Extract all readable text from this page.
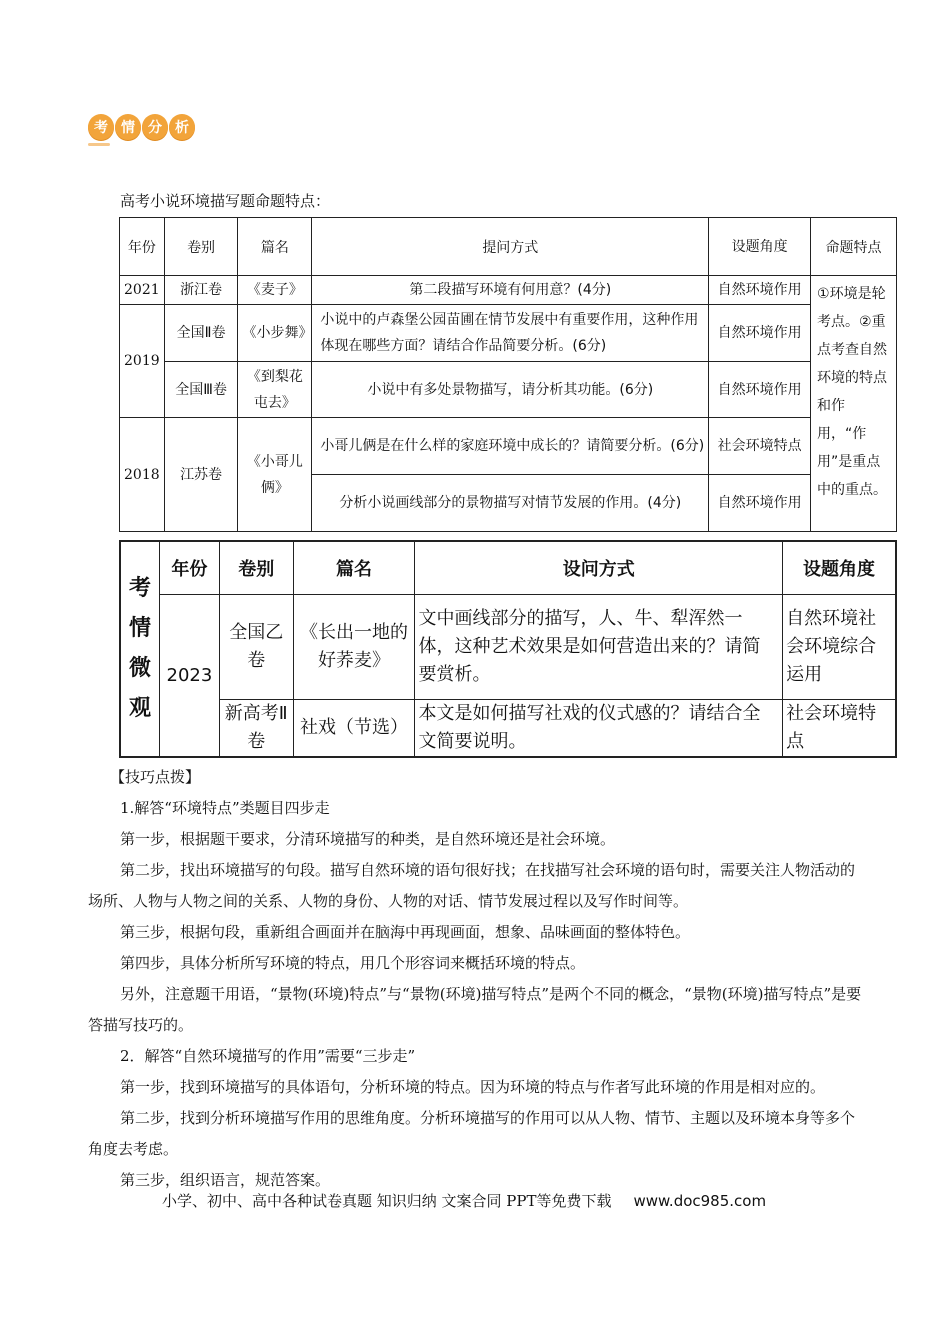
考 情 分 析
高考小说环境描写题命题特点：
年份	卷别	篇名	提问方式	设题角度	命题特点
2021	浙江卷	《麦子》	第二段描写环境有何用意？(4分)	自然环境作用	①环境是轮考点。②重点考查自然环境的特点和作用，“作用”是重点中的重点。
2019	全国Ⅱ卷	《小步舞》	小说中的卢森堡公园苗圃在情节发展中有重要作用，这种作用体现在哪些方面？请结合作品简要分析。(6分)	自然环境作用	
	全国Ⅲ卷	《到梨花屯去》	小说中有多处景物描写，请分析其功能。(6分)	自然环境作用	
2018	江苏卷	《小哥儿俩》	小哥儿俩是在什么样的家庭环境中成长的？请简要分析。(6分)	社会环境特点	
			分析小说画线部分的景物描写对情节发展的作用。(4分)	自然环境作用	
考情微观	年份	卷别	篇名	设问方式	设题角度
	2023	全国乙卷	《长出一地的好荞麦》	文中画线部分的描写，人、牛、犁浑然一体，这种艺术效果是如何营造出来的？请简要赏析。	自然环境社会环境综合运用
		新高考Ⅱ卷	社戏（节选）	本文是如何描写社戏的仪式感的？请结合全文简要说明。	社会环境特点

【技巧点拨】

1.解答“环境特点”类题目四步走

第一步，根据题干要求，分清环境描写的种类，是自然环境还是社会环境。

第二步，找出环境描写的句段。描写自然环境的语句很好找；在找描写社会环境的语句时，需要关注人物活动的场所、人物与人物之间的关系、人物的身份、人物的对话、情节发展过程以及写作时间等。

第三步，根据句段，重新组合画面并在脑海中再现画面，想象、品味画面的整体特色。

第四步，具体分析所写环境的特点，用几个形容词来概括环境的特点。

另外，注意题干用语，“景物(环境)特点”与“景物(环境)描写特点”是两个不同的概念，“景物(环境)描写特点”是要答描写技巧的。

2．解答“自然环境描写的作用”需要“三步走”

第一步，找到环境描写的具体语句，分析环境的特点。因为环境的特点与作者写此环境的作用是相对应的。

第二步，找到分析环境描写作用的思维角度。分析环境描写的作用可以从人物、情节、主题以及环境本身等多个角度去考虑。

第三步，组织语言，规范答案。

小学、初中、高中各种试卷真题 知识归纳 文案合同 PPT等免费下载 www.doc985.com
